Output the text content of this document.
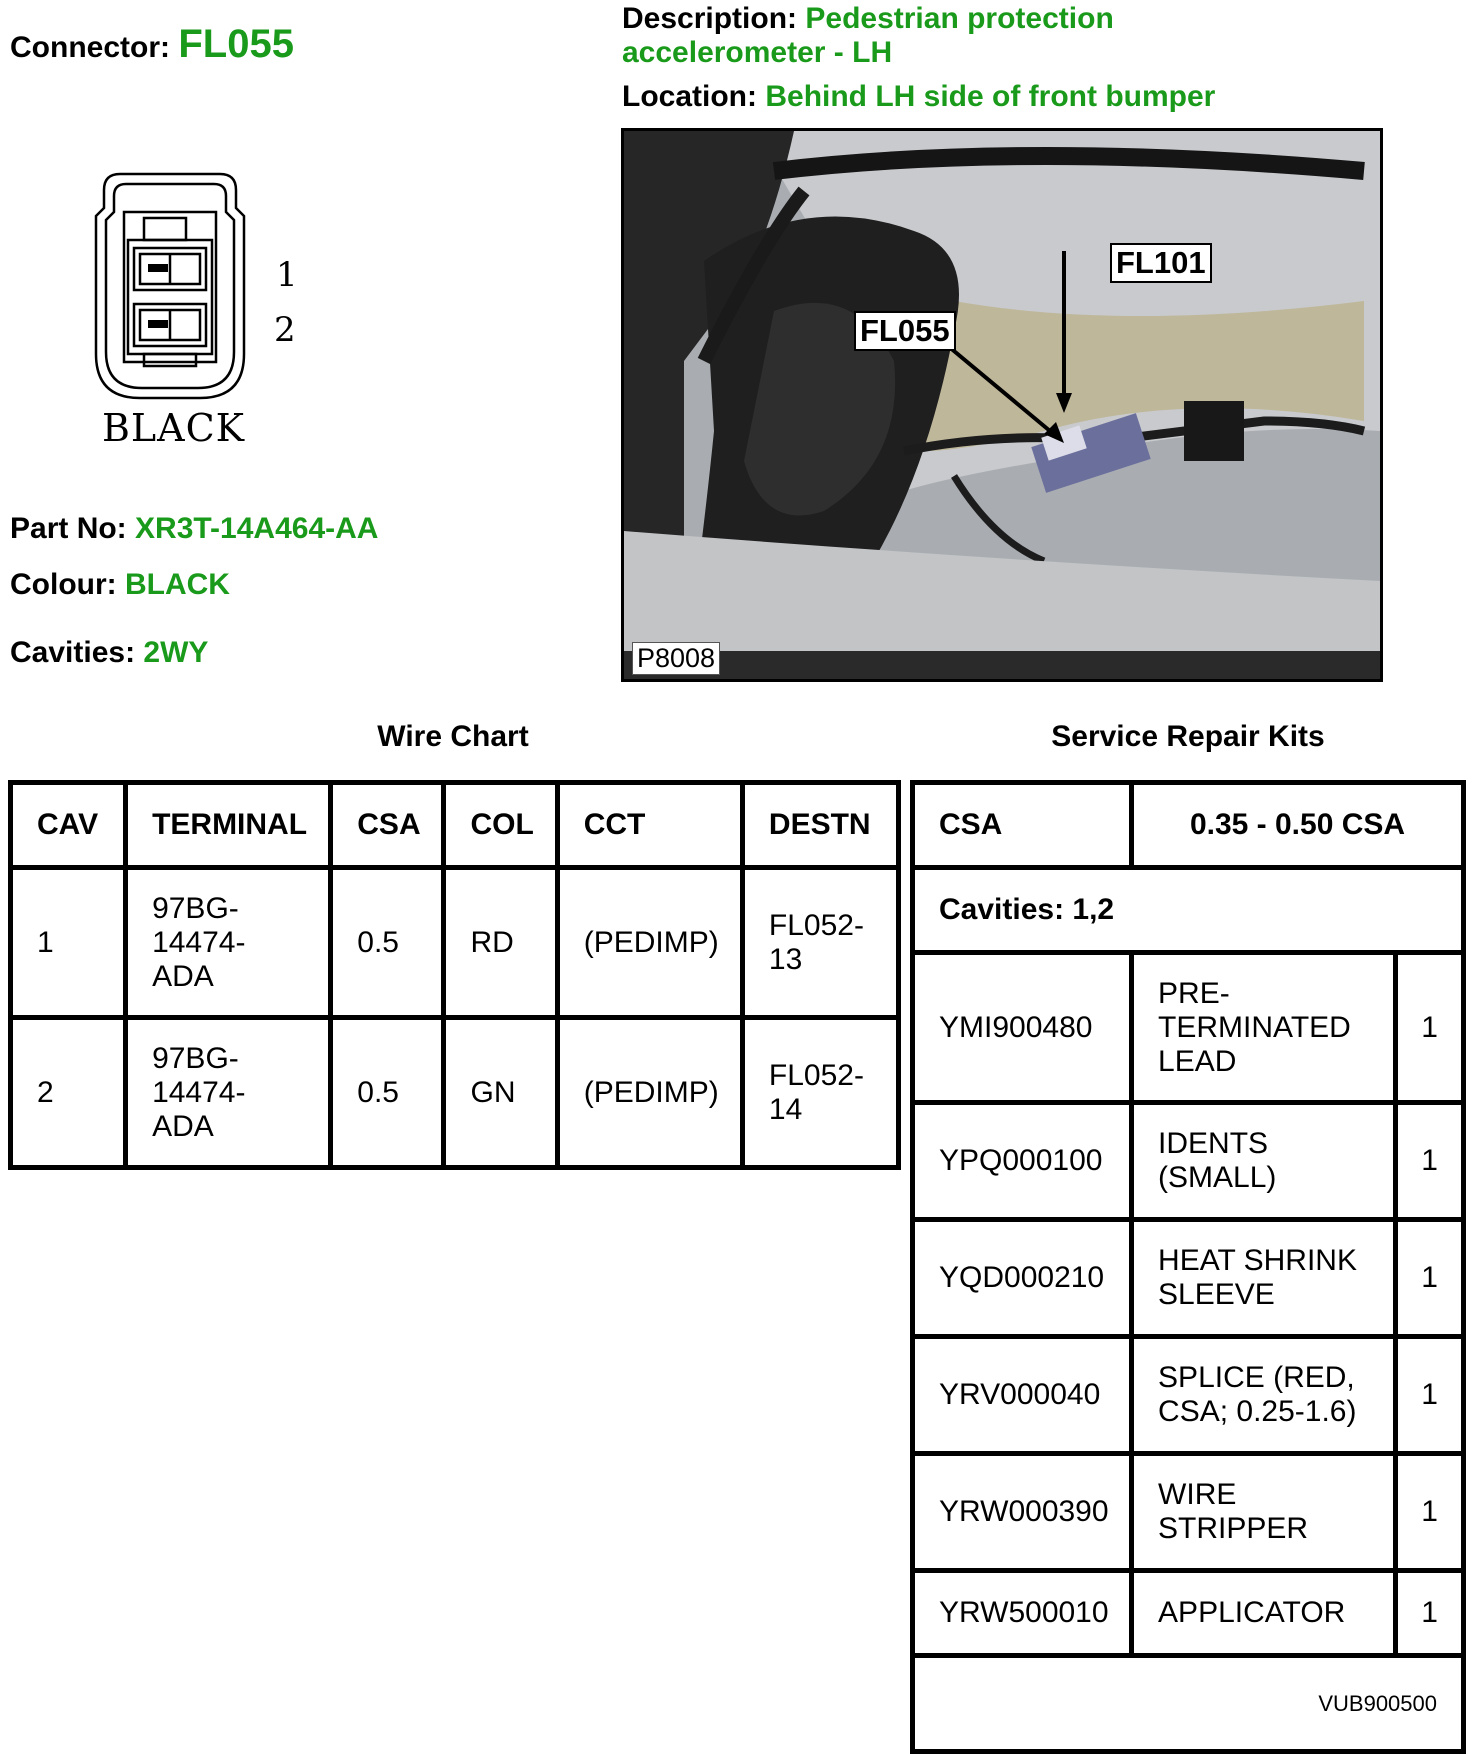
Connector: FL055
Description: Pedestrian protection
accelerometer - LH
Location: Behind LH side of front bumper
1
2
BLACK
Part No: XR3T-14A464-AA
Colour: BLACK
Cavities: 2WY
FL055
FL101
P8008
Wire Chart	Service Repair Kits
CAV	TERMINAL	CSA	COL	CCT	DESTN
1	97BG-
14474-
ADA	0.5	RD	(PEDIMP)	FL052-
13
2	97BG-
14474-
ADA	0.5	GN	(PEDIMP)	FL052-
14
CSA	0.35 - 0.50 CSA	
Cavities: 1,2		
YMI900480	PRE-
TERMINATED
LEAD	1
YPQ000100	IDENTS
(SMALL)	1
YQD000210	HEAT SHRINK
SLEEVE	1
YRV000040	SPLICE (RED,
CSA; 0.25-1.6)	1
YRW000390	WIRE
STRIPPER	1
YRW500010	APPLICATOR	1
VUB900500		
